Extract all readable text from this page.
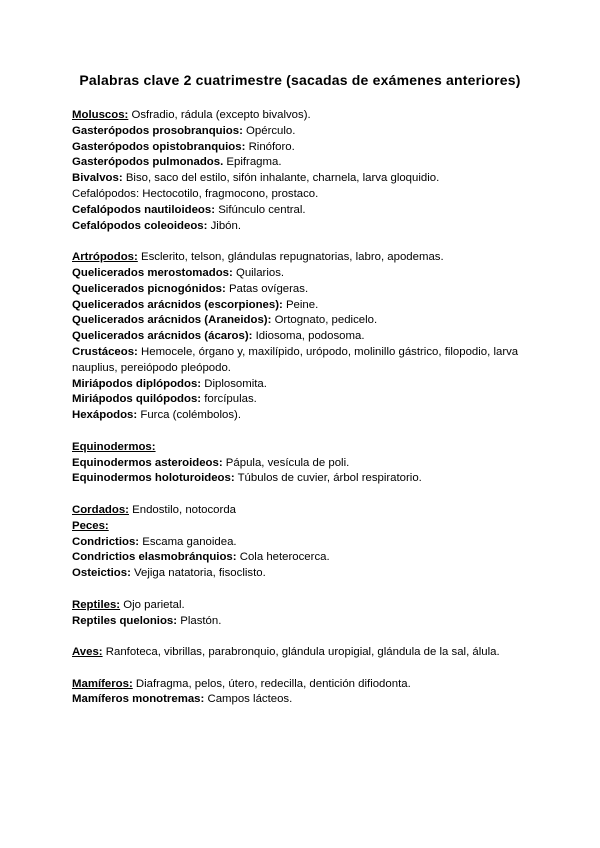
Palabras clave 2 cuatrimestre (sacadas de exámenes anteriores)
Moluscos: Osfradio, rádula (excepto bivalvos).
Gasterópodos prosobranquios: Opérculo.
Gasterópodos opistobranquios: Rinóforo.
Gasterópodos pulmonados. Epifragma.
Bivalvos: Biso, saco del estilo, sifón inhalante, charnela, larva gloquidio.
Cefalópodos: Hectocotilo, fragmocono, prostaco.
Cefalópodos nautiloideos: Sifúnculo central.
Cefalópodos coleoideos: Jibón.
Artrópodos: Esclerito, telson, glándulas repugnatorias, labro, apodemas.
Quelicerados merostomados: Quilarios.
Quelicerados picnogónidos: Patas ovígeras.
Quelicerados arácnidos (escorpiones): Peine.
Quelicerados arácnidos (Araneidos): Ortognato, pedicelo.
Quelicerados arácnidos (ácaros): Idiosoma, podosoma.
Crustáceos: Hemocele, órgano y, maxilípido, urópodo, molinillo gástrico, filopodio, larva nauplius, pereiópodo pleópodo.
Miriápodos diplópodos: Diplosomita.
Miriápodos quilópodos: forcípulas.
Hexápodos: Furca (colémbolos).
Equinodermos:
Equinodermos asteroideos: Pápula, vesícula de poli.
Equinodermos holoturoideos: Túbulos de cuvier, árbol respiratorio.
Cordados: Endostilo, notocorda
Peces:
Condrictios: Escama ganoidea.
Condrictios elasmobránquios: Cola heterocerca.
Osteictios: Vejiga natatoria, fisoclisto.
Reptiles: Ojo parietal.
Reptiles quelonios: Plastón.
Aves: Ranfoteca, vibrillas, parabronquio, glándula uropigial, glándula de la sal, álula.
Mamíferos: Diafragma, pelos, útero, redecilla, dentición difiodonta.
Mamíferos monotremas: Campos lácteos.
